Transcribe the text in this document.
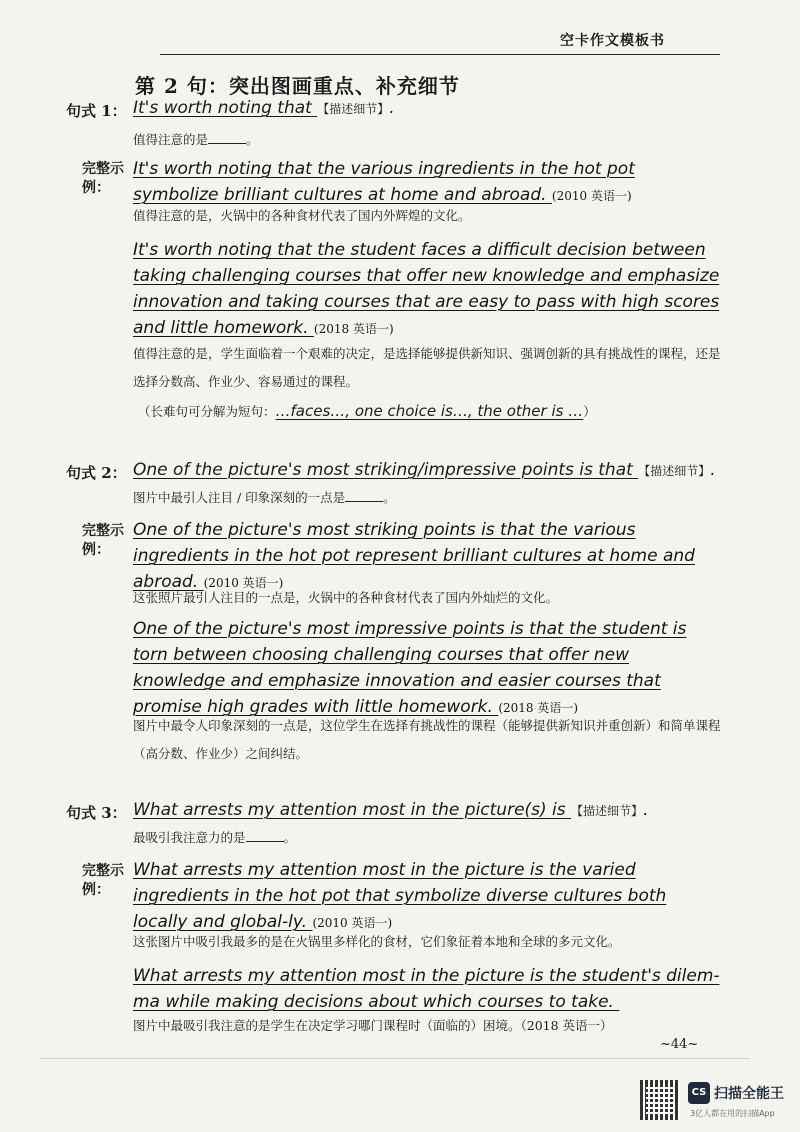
空卡作文模板书
第 2 句：突出图画重点、补充细节
句式 1： It's worth noting that 【描述细节】.
值得注意的是	。
完整示例：
It's worth noting that the various ingredients in the hot pot symbolize brilliant cultures at home and abroad. (2010 英语一)
值得注意的是，火锅中的各种食材代表了国内外辉煌的文化。
It's worth noting that the student faces a difficult decision between taking challenging courses that offer new knowledge and emphasize innovation and taking courses that are easy to pass with high scores and little homework. (2018 英语一)
值得注意的是，学生面临着一个艰难的决定，是选择能够提供新知识、强调创新的具有挑战性的课程，还是选择分数高、作业少、容易通过的课程。
（长难句可分解为短句：…faces…, one choice is…, the other is …）
句式 2： One of the picture's most striking/impressive points is that 【描述细节】.
图片中最引人注目 / 印象深刻的一点是	。
完整示例：
One of the picture's most striking points is that the various ingredients in the hot pot represent brilliant cultures at home and abroad. (2010 英语一)
这张照片最引人注目的一点是，火锅中的各种食材代表了国内外灿烂的文化。
One of the picture's most impressive points is that the student is torn between choosing challenging courses that offer new knowledge and emphasize innovation and easier courses that promise high grades with little homework. (2018 英语一)
图片中最令人印象深刻的一点是，这位学生在选择有挑战性的课程（能够提供新知识并重创新）和简单课程（高分数、作业少）之间纠结。
句式 3： What arrests my attention most in the picture(s) is 【描述细节】.
最吸引我注意力的是	。
完整示例：
What arrests my attention most in the picture is the varied ingredients in the hot pot that symbolize diverse cultures both locally and global-ly. (2010 英语一)
这张图片中吸引我最多的是在火锅里多样化的食材，它们象征着本地和全球的多元文化。
What arrests my attention most in the picture is the student's dilem-ma while making decisions about which courses to take.
图片中最吸引我注意的是学生在决定学习哪门课程时（面临的）困境。（2018 英语一）
~44~
CS 扫描全能王
3亿人都在用的扫描App
